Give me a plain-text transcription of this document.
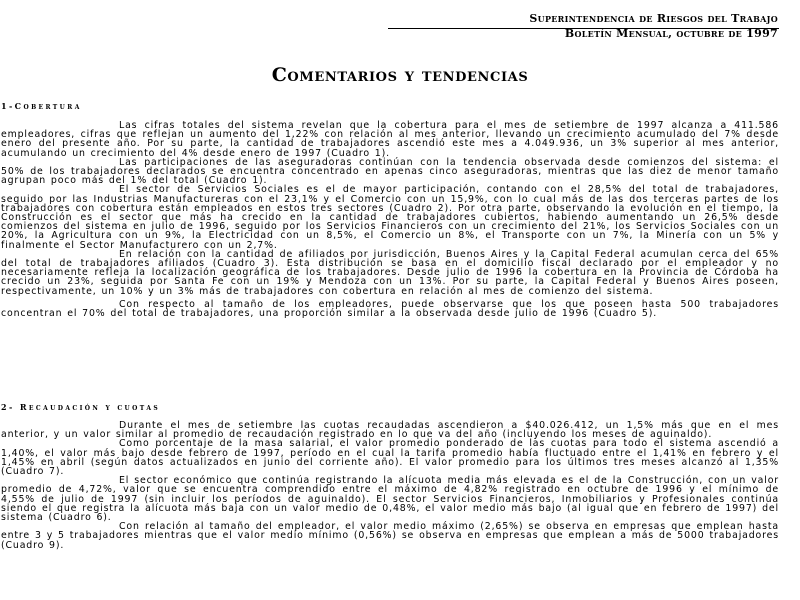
Superintendencia de Riesgos del Trabajo
Boletín Mensual, octubre de 1997
Comentarios y tendencias
1-Cobertura

Las cifras totales del sistema revelan que la cobertura para el mes de setiembre de 1997 alcanza a 411.586 empleadores, cifras que reflejan un aumento del 1,22% con relación al mes anterior, llevando un crecimiento acumulado del 7% desde enero del presente año. Por su parte, la cantidad de trabajadores ascendió este mes a 4.049.936, un 3% superior al mes anterior, acumulando un crecimiento del 4% desde enero de 1997 (Cuadro 1).

Las participaciones de las aseguradoras continúan con la tendencia observada desde comienzos del sistema: el 50% de los trabajadores declarados se encuentra concentrado en apenas cinco aseguradoras, mientras que las diez de menor tamaño agrupan poco más del 1% del total (Cuadro 1).

El sector de Servicios Sociales es el de mayor participación, contando con el 28,5% del total de trabajadores, seguido por las Industrias Manufactureras con el 23,1% y el Comercio con un 15,9%, con lo cual más de las dos terceras partes de los trabajadores con cobertura están empleados en estos tres sectores (Cuadro 2). Por otra parte, observando la evolución en el tiempo, la Construcción es el sector que más ha crecido en la cantidad de trabajadores cubiertos, habiendo aumentando un 26,5% desde comienzos del sistema en julio de 1996, seguido por los Servicios Financieros con un crecimiento del 21%, los Servicios Sociales con un 20%, la Agricultura con un 9%, la Electricidad con un 8,5%, el Comercio un 8%, el Transporte con un 7%, la Minería con un 5% y finalmente el Sector Manufacturero con un 2,7%.

En relación con la cantidad de afiliados por jurisdicción, Buenos Aires y la Capital Federal acumulan cerca del 65% del total de trabajadores afiliados (Cuadro 3). Esta distribución se basa en el domicilio fiscal declarado por el empleador y no necesariamente refleja la localización geográfica de los trabajadores. Desde julio de 1996 la cobertura en la Provincia de Córdoba ha crecido un 23%, seguida por Santa Fe con un 19% y Mendoza con un 13%. Por su parte, la Capital Federal y Buenos Aires poseen, respectivamente, un 10% y un 3% más de trabajadores con cobertura en relación al mes de comienzo del sistema.

Con respecto al tamaño de los empleadores, puede observarse que los que poseen hasta 500 trabajadores concentran el 70% del total de trabajadores, una proporción similar a la observada desde julio de 1996 (Cuadro 5).

2- Recaudación y cuotas

Durante el mes de setiembre las cuotas recaudadas ascendieron a $40.026.412, un 1,5% más que en el mes anterior, y un valor similar al promedio de recaudación registrado en lo que va del año (incluyendo los meses de aguinaldo).

Como porcentaje de la masa salarial, el valor promedio ponderado de las cuotas para todo el sistema ascendió a 1,40%, el valor más bajo desde febrero de 1997, período en el cual la tarifa promedio había fluctuado entre el 1,41% en febrero y el 1,45% en abril (según datos actualizados en junio del corriente año). El valor promedio para los últimos tres meses alcanzó al 1,35% (Cuadro 7).

El sector económico que continúa registrando la alícuota media más elevada es el de la Construcción, con un valor promedio de 4,72%, valor que se encuentra comprendido entre el máximo de 4,82% registrado en octubre de 1996 y el mínimo de 4,55% de julio de 1997 (sin incluir los períodos de aguinaldo). El sector Servicios Financieros, Inmobiliarios y Profesionales continúa siendo el que registra la alícuota más baja con un valor medio de 0,48%, el valor medio más bajo (al igual que en febrero de 1997) del sistema (Cuadro 6).

Con relación al tamaño del empleador, el valor medio máximo (2,65%) se observa en empresas que emplean hasta entre 3 y 5 trabajadores mientras que el valor medio mínimo (0,56%) se observa en empresas que emplean a más de 5000 trabajadores (Cuadro 9).
